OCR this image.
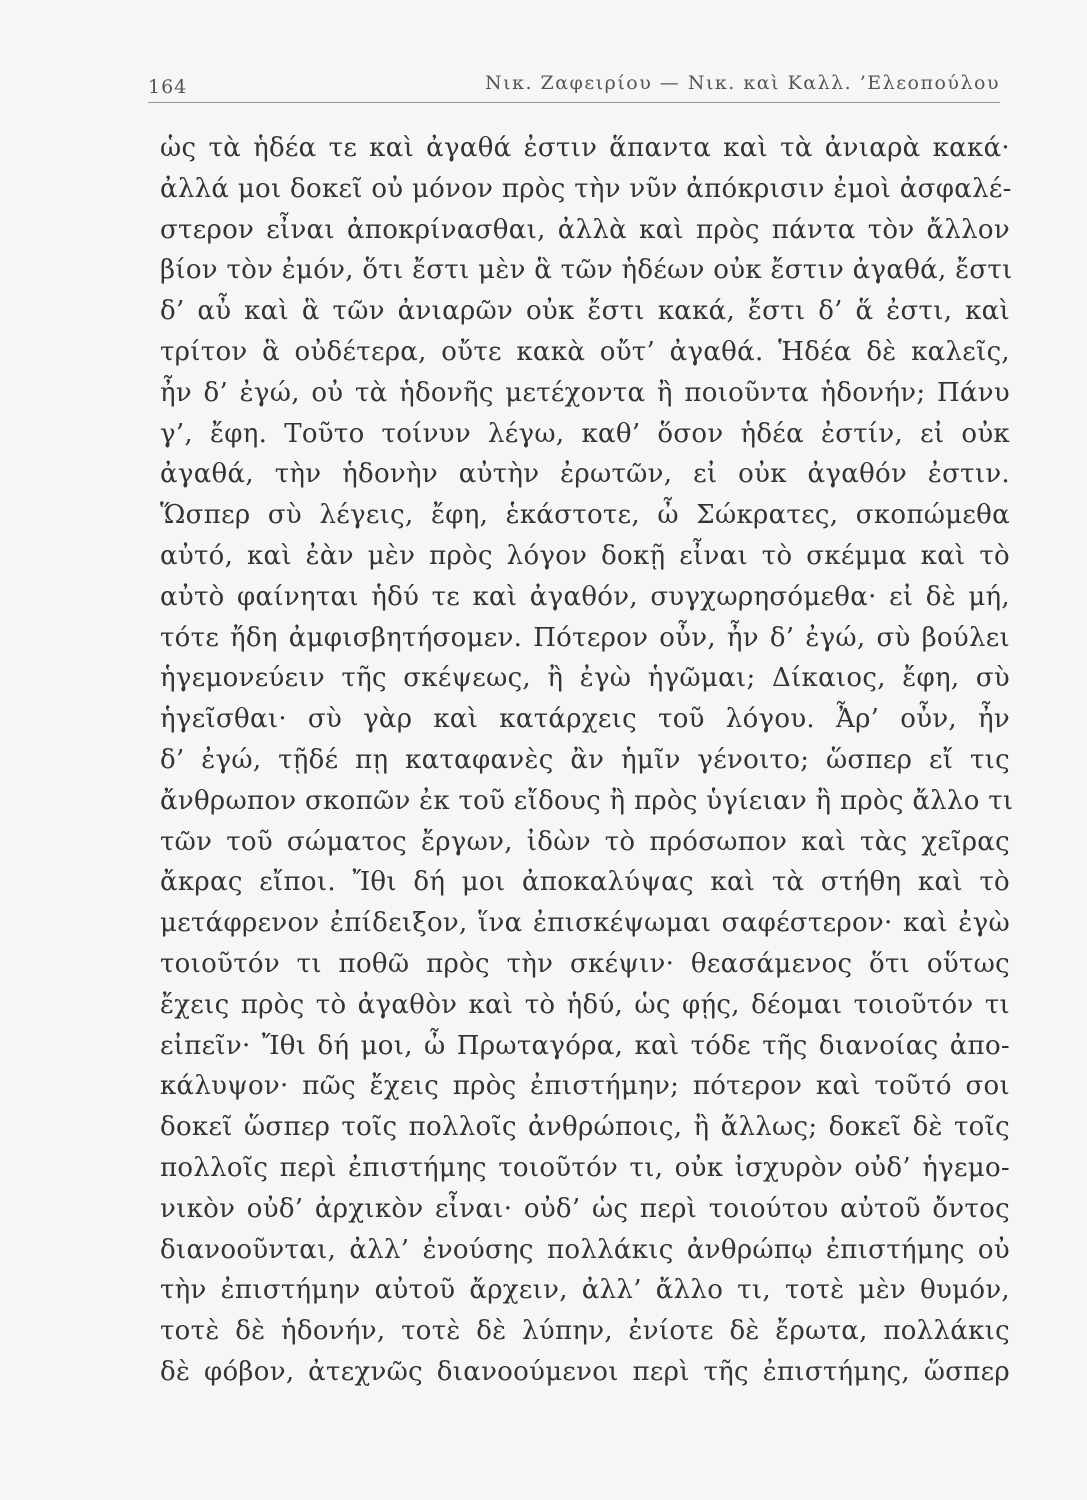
164	Νικ. Ζαφειρίου — Νικ. καὶ Καλλ. ’Ελεοπούλου
ὡς τὰ ἡδέα τε καὶ ἀγαθά ἐστιν ἅπαντα καὶ τὰ ἀνιαρὰ κακά·
ἀλλά μοι δοκεῖ οὐ μόνον πρὸς τὴν νῦν ἀπόκρισιν ἐμοὶ ἀσφαλέ-
στερον εἶναι ἀποκρίνασθαι, ἀλλὰ καὶ πρὸς πάντα τὸν ἄλλον
βίον τὸν ἐμόν, ὅτι ἔστι μὲν ἃ τῶν ἡδέων οὐκ ἔστιν ἀγαθά, ἔστι
δ’ αὖ καὶ ἃ τῶν ἀνιαρῶν οὐκ ἔστι κακά, ἔστι δ’ ἅ ἐστι, καὶ
τρίτον ἃ οὐδέτερα, οὔτε κακὰ οὔτ’ ἀγαθά. Ἡδέα δὲ καλεῖς,
ἦν δ’ ἐγώ, οὐ τὰ ἡδονῆς μετέχοντα ἢ ποιοῦντα ἡδονήν; Πάνυ
γ’, ἔφη. Τοῦτο τοίνυν λέγω, καθ’ ὅσον ἡδέα ἐστίν, εἰ οὐκ
ἀγαθά, τὴν ἡδονὴν αὐτὴν ἐρωτῶν, εἰ οὐκ ἀγαθόν ἐστιν.
Ὥσπερ σὺ λέγεις, ἔφη, ἑκάστοτε, ὦ Σώκρατες, σκοπώμεθα
αὐτό, καὶ ἐὰν μὲν πρὸς λόγον δοκῇ εἶναι τὸ σκέμμα καὶ τὸ
αὐτὸ φαίνηται ἡδύ τε καὶ ἀγαθόν, συγχωρησόμεθα· εἰ δὲ μή,
τότε ἤδη ἀμφισβητήσομεν. Πότερον οὖν, ἦν δ’ ἐγώ, σὺ βούλει
ἡγεμονεύειν τῆς σκέψεως, ἢ ἐγὼ ἡγῶμαι; Δίκαιος, ἔφη, σὺ
ἡγεῖσθαι· σὺ γὰρ καὶ κατάρχεις τοῦ λόγου. Ἆρ’ οὖν, ἦν
δ’ ἐγώ, τῇδέ πῃ καταφανὲς ἂν ἡμῖν γένοιτο; ὥσπερ εἴ τις
ἄνθρωπον σκοπῶν ἐκ τοῦ εἴδους ἢ πρὸς ὑγίειαν ἢ πρὸς ἄλλο τι
τῶν τοῦ σώματος ἔργων, ἰδὼν τὸ πρόσωπον καὶ τὰς χεῖρας
ἄκρας εἴποι. Ἴθι δή μοι ἀποκαλύψας καὶ τὰ στήθη καὶ τὸ
μετάφρενον ἐπίδειξον, ἵνα ἐπισκέψωμαι σαφέστερον· καὶ ἐγὼ
τοιοῦτόν τι ποθῶ πρὸς τὴν σκέψιν· θεασάμενος ὅτι οὕτως
ἔχεις πρὸς τὸ ἀγαθὸν καὶ τὸ ἡδύ, ὡς φῄς, δέομαι τοιοῦτόν τι
εἰπεῖν· Ἴθι δή μοι, ὦ Πρωταγόρα, καὶ τόδε τῆς διανοίας ἀπο-
κάλυψον· πῶς ἔχεις πρὸς ἐπιστήμην; πότερον καὶ τοῦτό σοι
δοκεῖ ὥσπερ τοῖς πολλοῖς ἀνθρώποις, ἢ ἄλλως; δοκεῖ δὲ τοῖς
πολλοῖς περὶ ἐπιστήμης τοιοῦτόν τι, οὐκ ἰσχυρὸν οὐδ’ ἡγεμο-
νικὸν οὐδ’ ἀρχικὸν εἶναι· οὐδ’ ὡς περὶ τοιούτου αὐτοῦ ὄντος
διανοοῦνται, ἀλλ’ ἐνούσης πολλάκις ἀνθρώπῳ ἐπιστήμης οὐ
τὴν ἐπιστήμην αὐτοῦ ἄρχειν, ἀλλ’ ἄλλο τι, τοτὲ μὲν θυμόν,
τοτὲ δὲ ἡδονήν, τοτὲ δὲ λύπην, ἐνίοτε δὲ ἔρωτα, πολλάκις
δὲ φόβον, ἀτεχνῶς διανοούμενοι περὶ τῆς ἐπιστήμης, ὥσπερ
